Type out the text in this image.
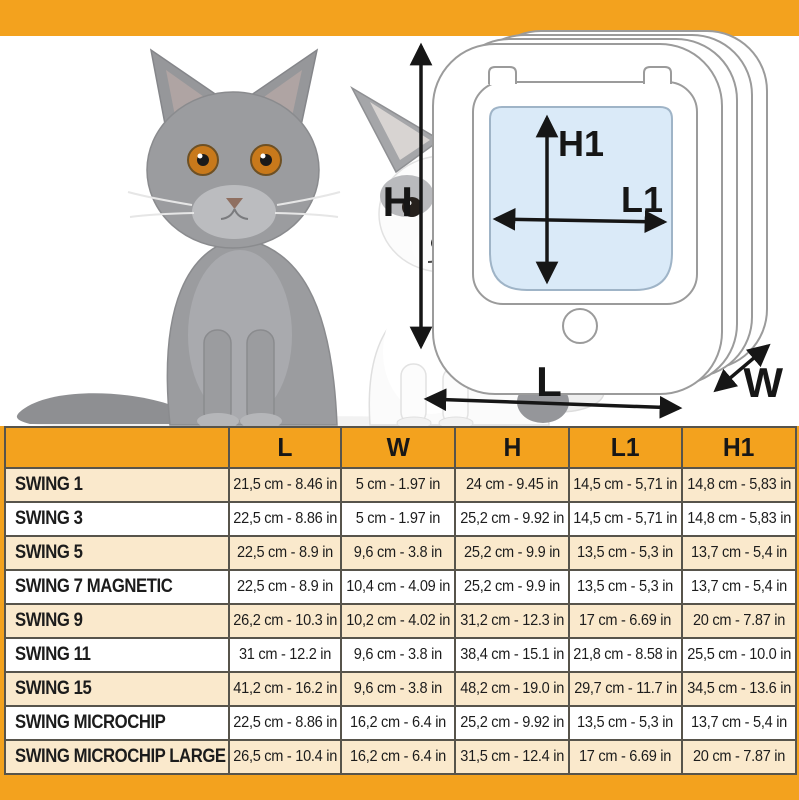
H
H1
L1
L	W
	L	W	H	L1	H1
SWING 1	21,5 cm - 8.46 in	5 cm - 1.97 in	24 cm - 9.45 in	14,5 cm - 5,71 in	14,8 cm - 5,83 in
SWING 3	22,5 cm - 8.86 in	5 cm - 1.97 in	25,2 cm - 9.92 in	14,5 cm - 5,71 in	14,8 cm - 5,83 in
SWING 5	22,5 cm - 8.9 in	9,6 cm - 3.8 in	25,2 cm - 9.9 in	13,5 cm - 5,3 in	13,7 cm - 5,4 in
SWING 7 MAGNETIC	22,5 cm - 8.9 in	10,4 cm - 4.09 in	25,2 cm - 9.9 in	13,5 cm - 5,3 in	13,7 cm - 5,4 in
SWING 9	26,2 cm - 10.3 in	10,2 cm - 4.02 in	31,2 cm - 12.3 in	17 cm - 6.69 in	20 cm - 7.87 in
SWING 11	31 cm - 12.2 in	9,6 cm - 3.8 in	38,4 cm - 15.1 in	21,8 cm - 8.58 in	25,5 cm - 10.0 in
SWING 15	41,2 cm - 16.2 in	9,6 cm - 3.8 in	48,2 cm - 19.0 in	29,7 cm - 11.7 in	34,5 cm - 13.6 in
SWING MICROCHIP	22,5 cm - 8.86 in	16,2 cm - 6.4 in	25,2 cm - 9.92 in	13,5 cm - 5,3 in	13,7 cm - 5,4 in
SWING MICROCHIP LARGE	26,5 cm - 10.4 in	16,2 cm - 6.4 in	31,5 cm - 12.4 in	17 cm - 6.69 in	20 cm - 7.87 in
